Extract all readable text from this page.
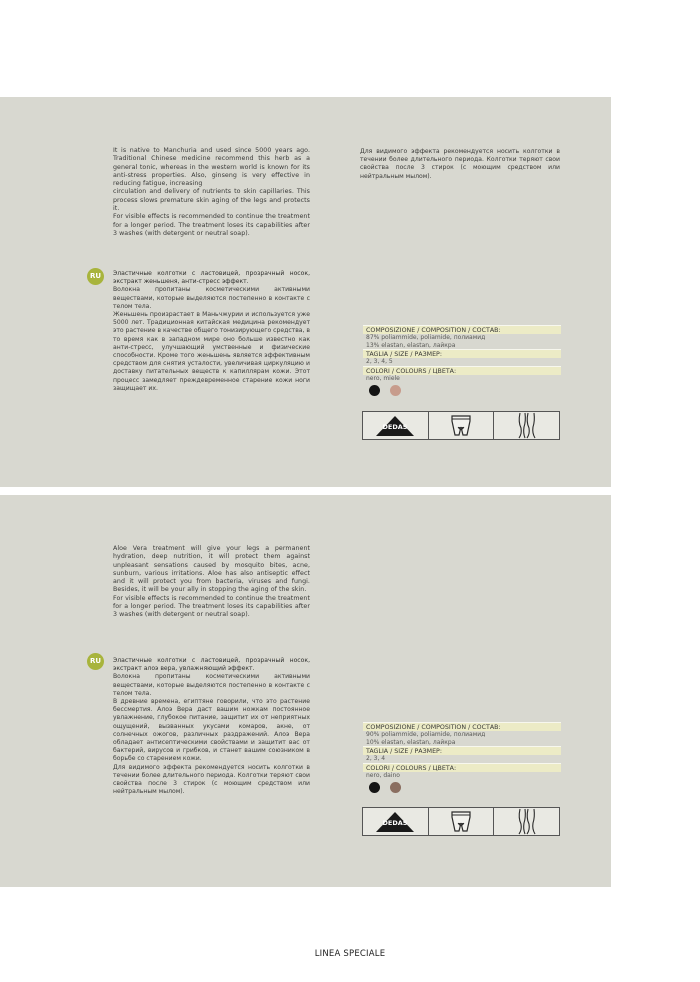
It is native to Manchuria and used since 5000 years ago. Traditional Chinese medicine recommend this herb as a general tonic, whereas in the western world is known for its anti-stress properties. Also, ginseng is very effective in reducing fatigue, increasing

circulation and delivery of nutrients to skin capillaries. This process slows premature skin aging of the legs and protects it.

For visible effects is recommended to continue the treatment for a longer period. The treatment loses its capabilities after 3 washes (with detergent or neutral soap).

RU	Эластичные колготки с ластовицей, прозрачный носок, экстракт женьшеня, анти-стресс эффект.

Волокна пропитаны косметическими активными веществами, которые выделяются постепенно в контакте с телом тела.

Женьшень произрастает в Маньчжурии и используется уже 5000 лет. Традиционная китайская медицина рекомендует это растение в качестве общего тонизирующего средства, в то время как в западном мире оно больше известно как анти-стресс, улучшающий умственные и физические способности. Кроме того женьшень является эффективным средством для снятия усталости, увеличивая циркуляцию и доставку питательных веществ к капиллярам кожи. Этот процесс замедляет преждевременное старение кожи ноги защищает их.

Для видимого эффекта рекомендуется носить колготки в течении более длительного периода. Колготки теряют свои свойства после 3 стирок (с моющим средством или нейтральным мылом).

COMPOSIZIONE / COMPOSITION / СОСТАВ:
87% poliammide, poliamide, полиамид
13% elastan, elastan, лайкра
TAGLIA / SIZE / РАЗМЕР:
2, 3, 4, 5
COLORI / COLOURS / ЦВЕТА:
nero, miele
DEDAS

Aloe Vera treatment will give your legs a permanent hydration, deep nutrition, it will protect them against unpleasant sensations caused by mosquito bites, acne, sunburn, various irritations. Aloe has also antiseptic effect and it will protect you from bacteria, viruses and fungi. Besides, it will be your ally in stopping the aging of the skin.

For visible effects is recommended to continue the treatment for a longer period. The treatment loses its capabilities after 3 washes (with detergent or neutral soap).

RU	Эластичные колготки с ластовицей, прозрачный носок, экстракт алоэ вера, увлажняющий эффект.

Волокна пропитаны косметическими активными веществами, которые выделяются постепенно в контакте с телом тела.

В древние времена, египтяне говорили, что это растение бессмертия. Алоэ Вера даст вашим ножкам постоянное увлажнение, глубокое питание, защитит их от неприятных ощущений, вызванных укусами комаров, акне, от солнечных ожогов, различных раздражений. Алоэ Вера обладает антисептическими свойствами и защитит вас от бактерий, вирусов и грибков, и станет вашим союзником в борьбе со старением кожи.

Для видимого эффекта рекомендуется носить колготки в течении более длительного периода. Колготки теряют свои свойства после 3 стирок (с моющим средством или нейтральным мылом).

COMPOSIZIONE / COMPOSITION / СОСТАВ:
90% poliammide, poliamide, полиамид
10% elastan, elastan, лайкра
TAGLIA / SIZE / РАЗМЕР:
2, 3, 4
COLORI / COLOURS / ЦВЕТА:
nero, daino
DEDAS
LINEA SPECIALE
